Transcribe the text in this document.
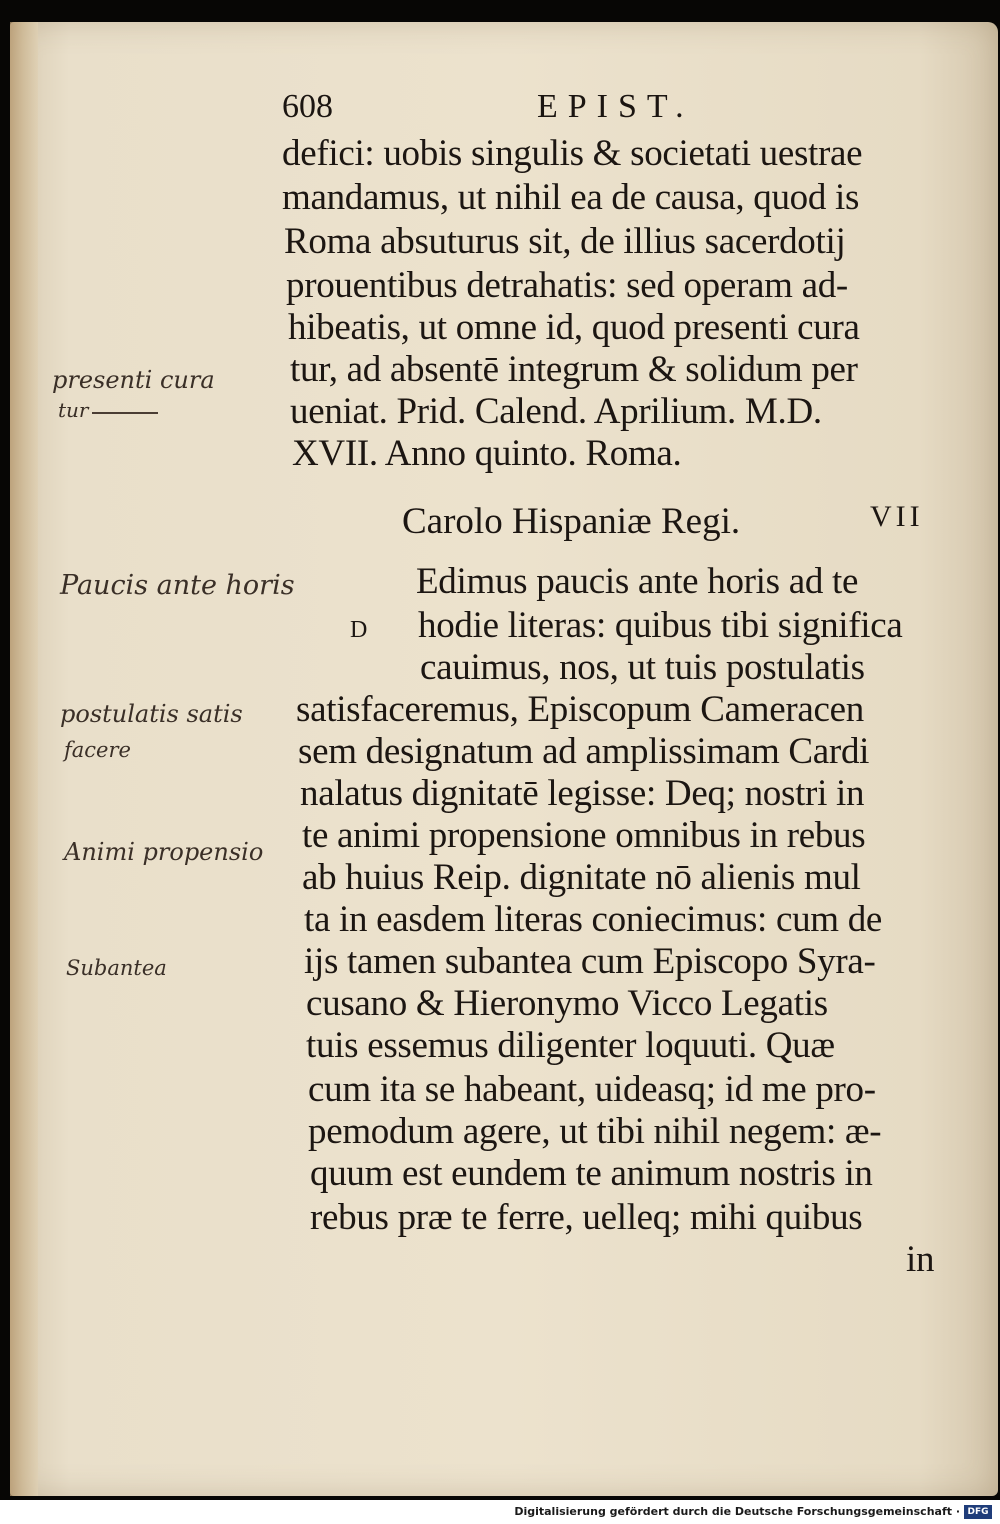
608	EPIST.
defici: uobis singulis & societati uestrae
mandamus, ut nihil ea de causa, quod is
Roma absuturus sit, de illius sacerdotij
prouentibus detrahatis: sed operam ad-
hibeatis, ut omne id, quod presenti cura
tur, ad absentē integrum & solidum per
ueniat. Prid. Calend. Aprilium. M.D.
XVII. Anno quinto. Roma.
Carolo Hispaniæ Regi.	VII
D
Edimus paucis ante horis ad te
hodie literas: quibus tibi significa
cauimus, nos, ut tuis postulatis
satisfaceremus, Episcopum Cameracen
sem designatum ad amplissimam Cardi
nalatus dignitatē legisse: Deq; nostri in
te animi propensione omnibus in rebus
ab huius Reip. dignitate nō alienis mul
ta in easdem literas coniecimus: cum de
ijs tamen subantea cum Episcopo Syra-
cusano & Hieronymo Vicco Legatis
tuis essemus diligenter loquuti. Quæ
cum ita se habeant, uideasq; id me pro-
pemodum agere, ut tibi nihil negem: æ-
quum est eundem te animum nostris in
rebus præ te ferre, uelleq; mihi quibus
in
presenti cura
tur
Paucis ante horis
postulatis satis
facere
Animi propensio
Subantea
Digitalisierung gefördert durch die Deutsche Forschungsgemeinschaft · DFG
